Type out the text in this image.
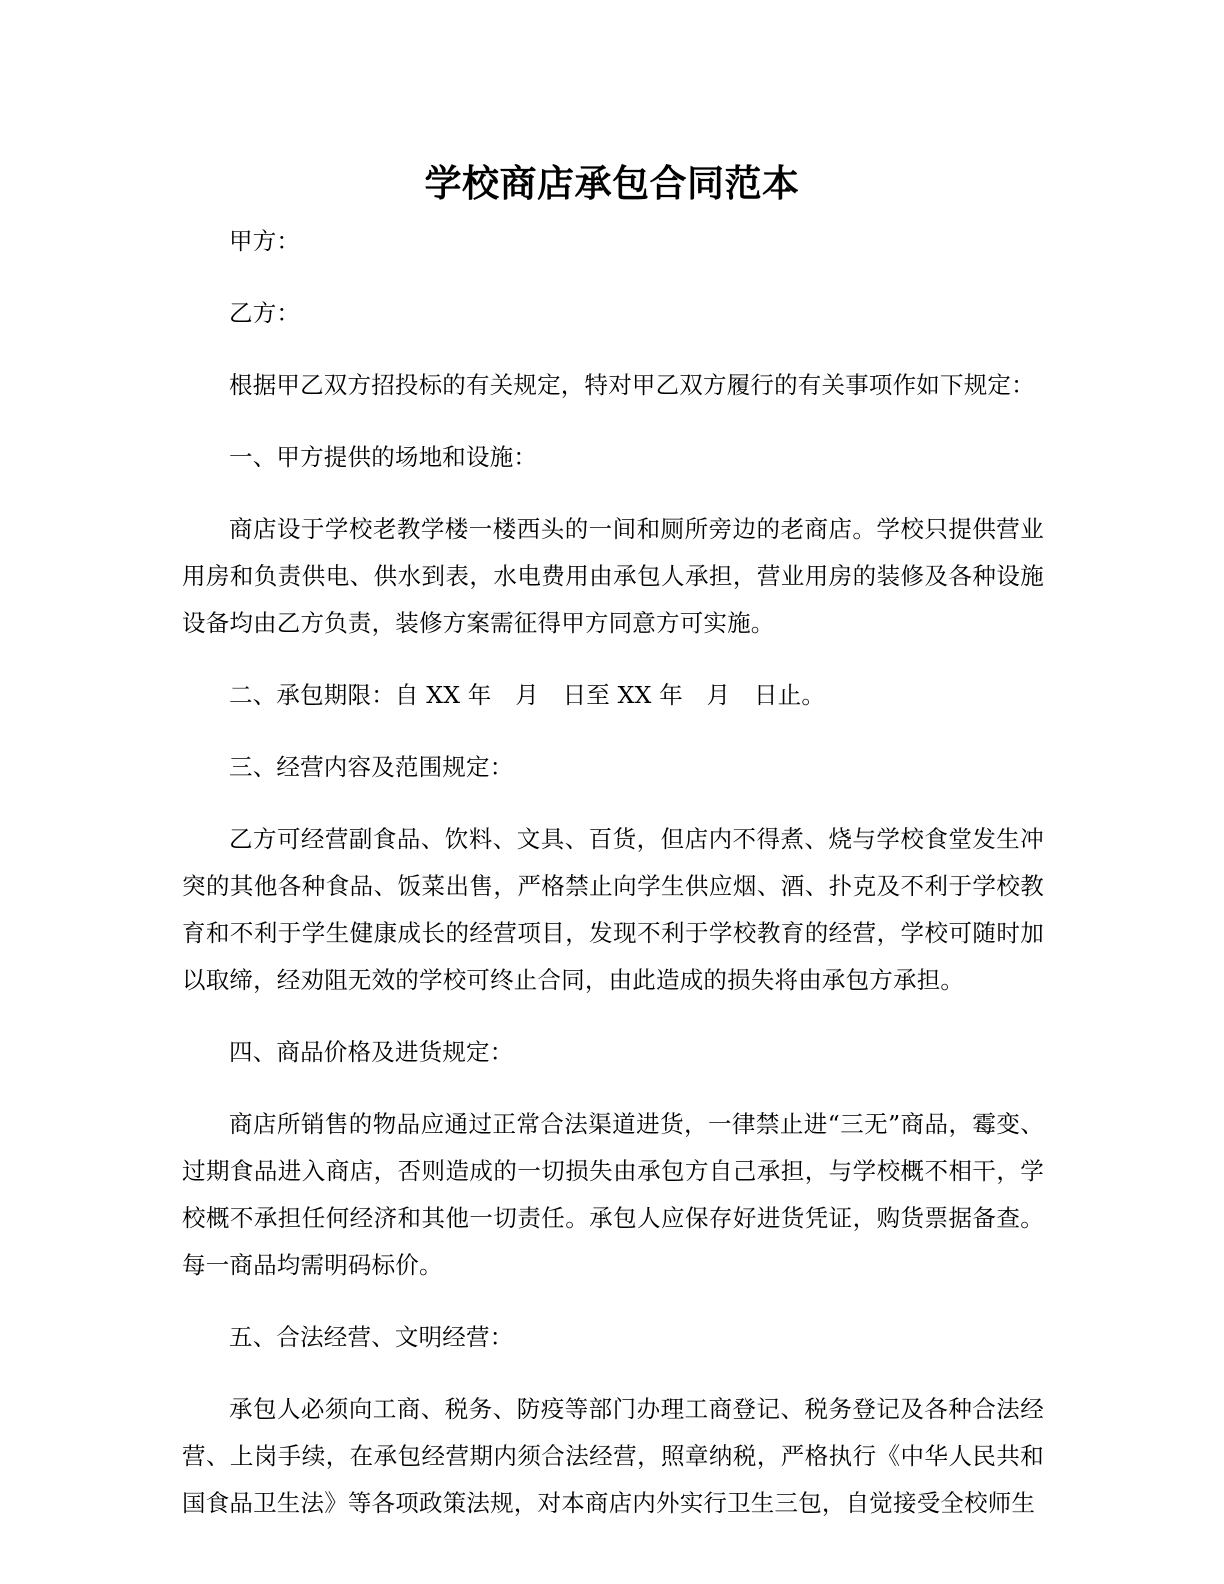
学校商店承包合同范本

甲方：

乙方：

根据甲乙双方招投标的有关规定，特对甲乙双方履行的有关事项作如下规定：

一、甲方提供的场地和设施：

商店设于学校老教学楼一楼西头的一间和厕所旁边的老商店。学校只提供营业用房和负责供电、供水到表，水电费用由承包人承担，营业用房的装修及各种设施设备均由乙方负责，装修方案需征得甲方同意方可实施。

二、承包期限：自 XX 年　月　日至 XX 年　月　日止。

三、经营内容及范围规定：

乙方可经营副食品、饮料、文具、百货，但店内不得煮、烧与学校食堂发生冲突的其他各种食品、饭菜出售，严格禁止向学生供应烟、酒、扑克及不利于学校教育和不利于学生健康成长的经营项目，发现不利于学校教育的经营，学校可随时加以取缔，经劝阻无效的学校可终止合同，由此造成的损失将由承包方承担。

四、商品价格及进货规定：

商店所销售的物品应通过正常合法渠道进货，一律禁止进“三无”商品，霉变、过期食品进入商店，否则造成的一切损失由承包方自己承担，与学校概不相干，学校概不承担任何经济和其他一切责任。承包人应保存好进货凭证，购货票据备查。每一商品均需明码标价。

五、合法经营、文明经营：

承包人必须向工商、税务、防疫等部门办理工商登记、税务登记及各种合法经营、上岗手续，在承包经营期内须合法经营，照章纳税，严格执行《中华人民共和国食品卫生法》等各项政策法规，对本商店内外实行卫生三包，自觉接受全校师生
